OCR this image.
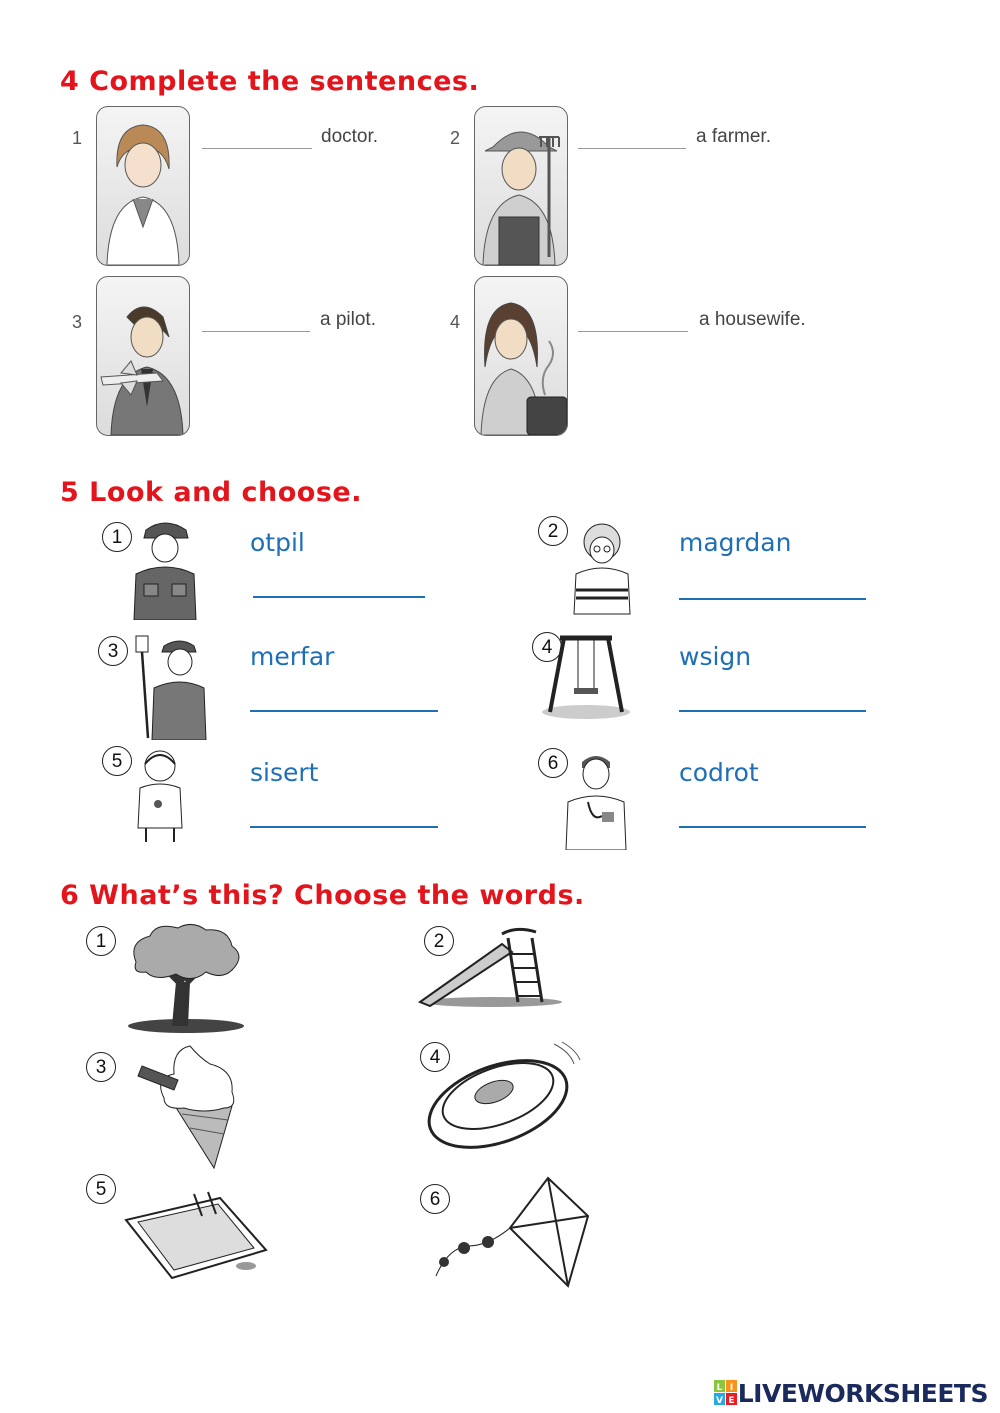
4 Complete the sentences.
1	doctor.	2	a farmer.
3	a pilot.	4	a housewife.
5 Look and choose.
1	otpil	2	magrdan
3	merfar	4	wsign
5	sisert	6	codrot
6 What’s this? Choose the words.
1	2
3	4
5	6
L I
V E LIVEWORKSHEETS
